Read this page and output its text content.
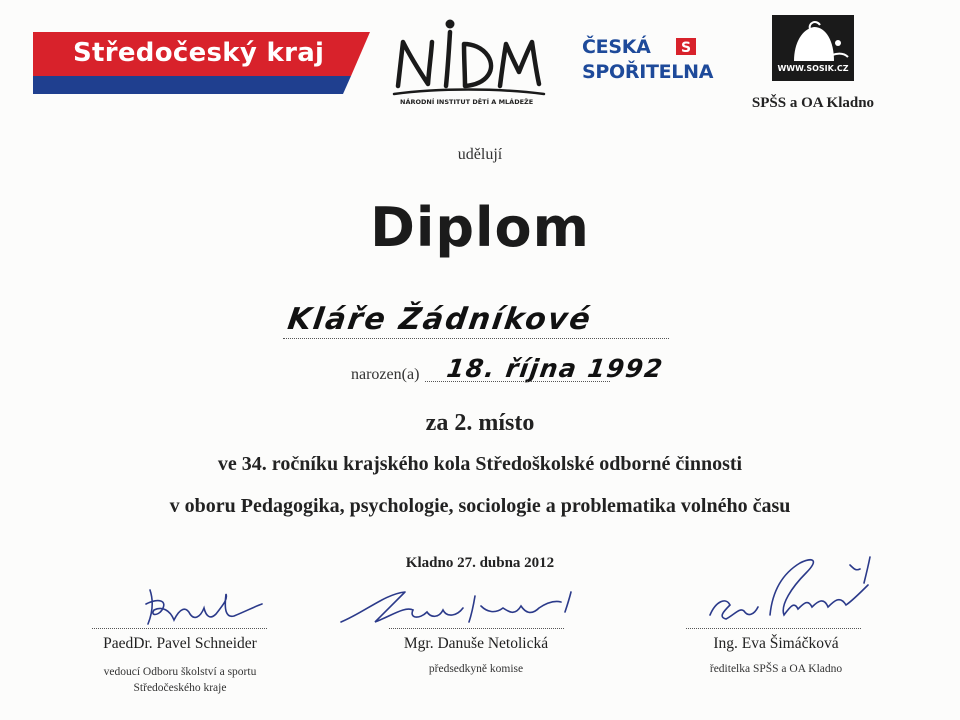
Středočeský kraj
NÁRODNÍ INSTITUT DĚTÍ A MLÁDEŽE
ČESKÁ S
SPOŘITELNA	WWW.SOSIK.CZ
SPŠS a OA Kladno
udělují
Diplom
Kláře Žádníkové
narozen(a) 18. října 1992
za 2. místo
ve 34. ročníku krajského kola Středoškolské odborné činnosti
v oboru Pedagogika, psychologie, sociologie a problematika volného času
Kladno 27. dubna 2012
PaedDr. Pavel Schneider
vedoucí Odboru školství a sportu
Středočeského kraje
Mgr. Danuše Netolická
předsedkyně komise
Ing. Eva Šimáčková
ředitelka SPŠS a OA Kladno
